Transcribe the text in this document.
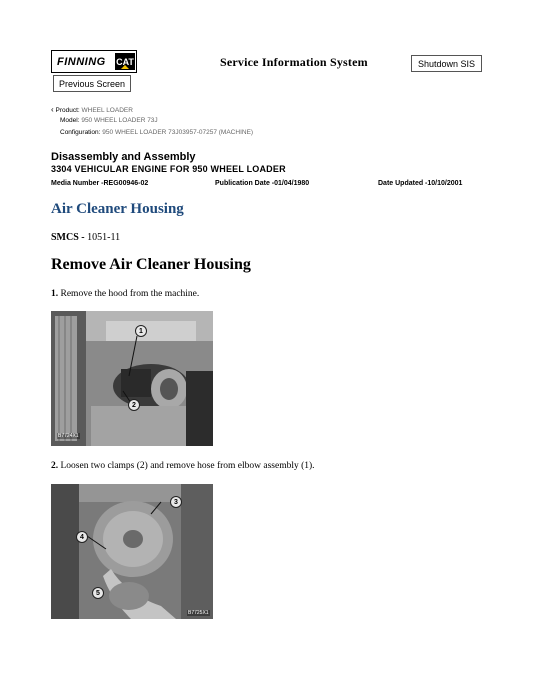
FINNING	CAT	Service Information System	Shutdown SIS
Previous Screen
‹ Product: WHEEL LOADER
Model: 950 WHEEL LOADER 73J
Configuration: 950 WHEEL LOADER 73J03957-07257 (MACHINE)
Disassembly and Assembly
3304 VEHICULAR ENGINE FOR 950 WHEEL LOADER
Media Number -REG00946-02	Publication Date -01/04/1980	Date Updated -10/10/2001
Air Cleaner Housing
SMCS - 1051-11
Remove Air Cleaner Housing
1. Remove the hood from the machine.
1
2
B7724X1
2. Loosen two clamps (2) and remove hose from elbow assembly (1).
3
4
5
B7725X1
